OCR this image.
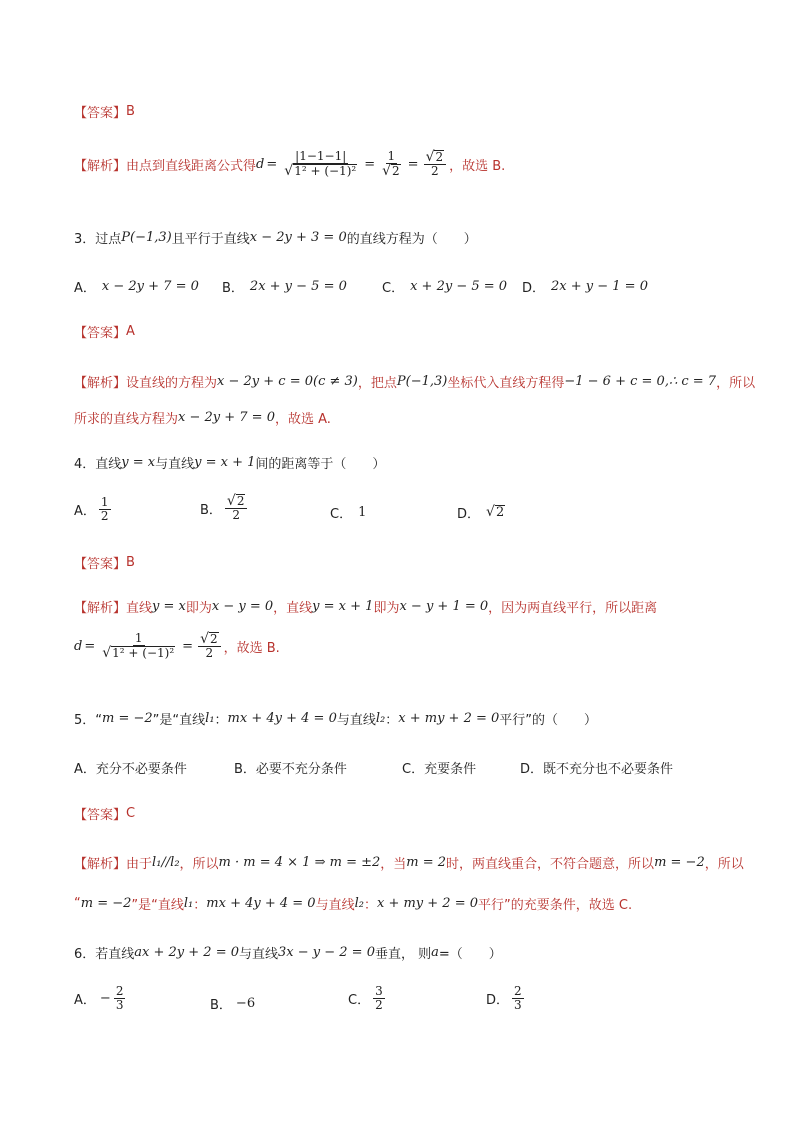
【答案】 B
【解析】 由点到直线距离公式得 $d = \frac{|1-1-1|}{\text{√ 1² + (−1)²}} = \frac{1}{√ 2} = \frac{√ 2}{2}$ ，故选 B.
3．过点 P(−1,3) 且平行于直线 x − 2y + 3 = 0 的直线方程为（　　）
A． x − 2y + 7 = 0 B． 2x + y − 5 = 0	C． x + 2y − 5 = 0 D． 2x + y − 1 = 0
【答案】 A
【解析】 设直线的方程为 x − 2y + c = 0(c ≠ 3) ，把点 P(−1,3) 坐标代入直线方程得 −1 − 6 + c = 0,∴ c = 7 ，所以
所求的直线方程为 x − 2y + 7 = 0 ，故选 A.
4．直线 y = x 与直线 y = x + 1 间的距离等于（　　）
A． $\frac{1}{2}$	B． $\frac{√ 2}{2}$	C． 1	D． √ 2
【答案】 B
【解析】 直线 y = x 即为 x − y = 0 ，直线 y = x + 1 即为 x − y + 1 = 0 ，因为两直线平行，所以距离
$d = \frac{1}{\text{√ 1² + (−1)²}} = \frac{√ 2}{2}$ ，故选 B.
5．“ m = −2 ”是“直线 l₁ ： mx + 4y + 4 = 0 与直线 l₂ ： x + my + 2 = 0 平行”的（　　）
A． 充分不必要条件	B． 必要不充分条件	C． 充要条件	D． 既不充分也不必要条件
【答案】 C
【解析】 由于 l₁//l₂ ，所以 m · m = 4 × 1 ⇒ m = ±2 ，当 m = 2 时，两直线重合，不符合题意，所以 m = −2 ，所以
“ m = −2 ”是“直线 l₁ ： mx + 4y + 4 = 0 与直线 l₂ ： x + my + 2 = 0 平行”的充要条件，故选 C.
6．若直线 ax + 2y + 2 = 0 与直线 3x − y − 2 = 0 垂直， 则 a =（　　）
A． − $\frac{2}{3}$	B． −6	C． $\frac{3}{2}$	D． $\frac{2}{3}$
